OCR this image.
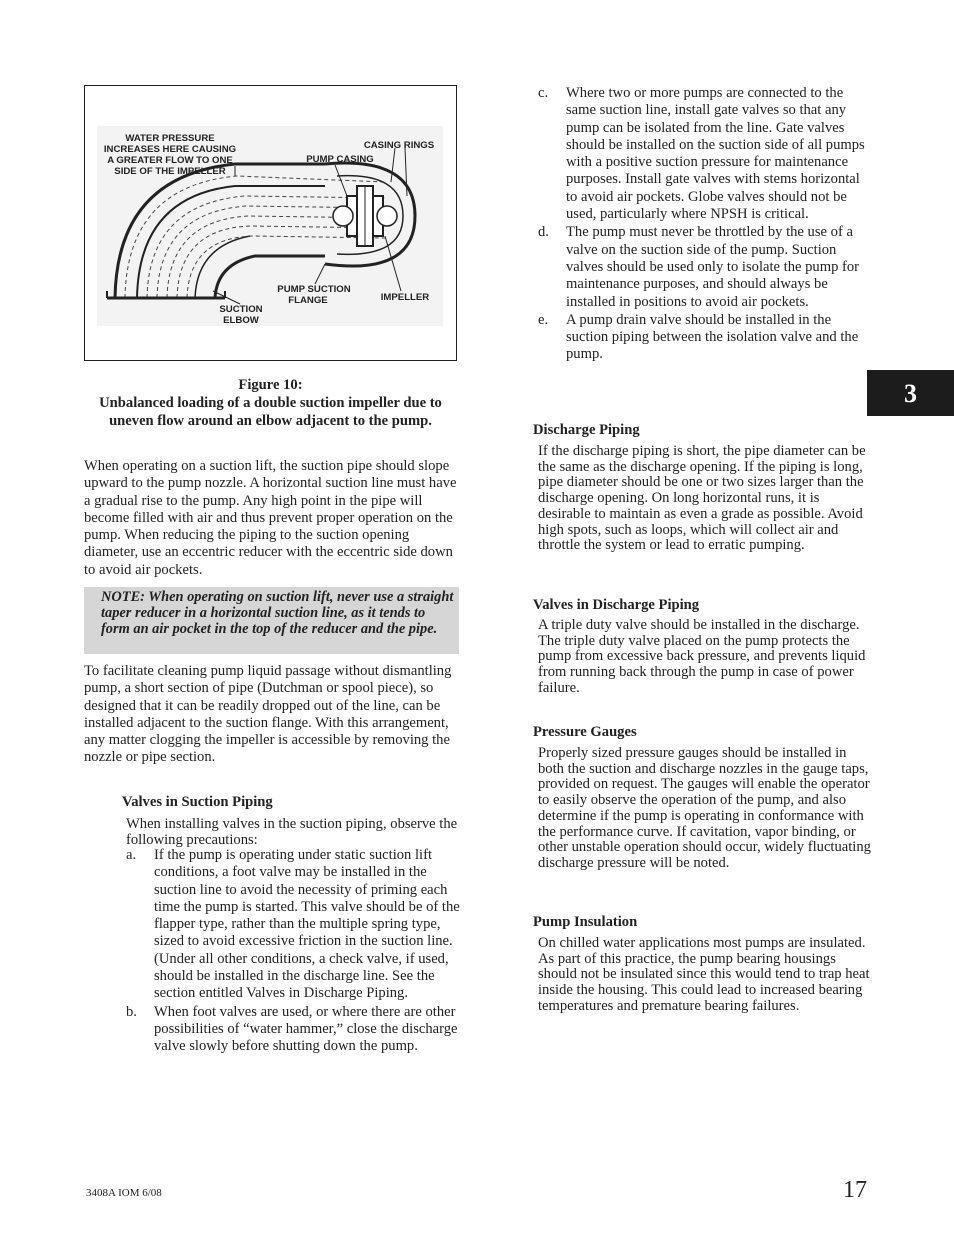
WATER PRESSURE
INCREASES HERE CAUSING
A GREATER FLOW TO ONE
SIDE OF THE IMPELLER
PUMP CASING
CASING RINGS
PUMP SUCTION
FLANGE
SUCTION
ELBOW
IMPELLER
Figure 10:
Unbalanced loading of a double suction impeller due to
uneven flow around an elbow adjacent to the pump.

When operating on a suction lift, the suction pipe should slope upward to the pump nozzle. A horizontal suction line must have a gradual rise to the pump. Any high point in the pipe will become filled with air and thus prevent proper operation on the pump. When reducing the piping to the suction opening diameter, use an eccentric reducer with the eccentric side down to avoid air pockets.

NOTE: When operating on suction lift, never use a straight taper reducer in a horizontal suction line, as it tends to form an air pocket in the top of the reducer and the pipe.

To facilitate cleaning pump liquid passage without dismantling pump, a short section of pipe (Dutchman or spool piece), so designed that it can be readily dropped out of the line, can be installed adjacent to the suction flange. With this arrangement, any matter clogging the impeller is accessible by removing the nozzle or pipe section.

Valves in Suction Piping

When installing valves in the suction piping, observe the following precautions:

a. If the pump is operating under static suction lift conditions, a foot valve may be installed in the suction line to avoid the necessity of priming each time the pump is started. This valve should be of the flapper type, rather than the multiple spring type, sized to avoid excessive friction in the suction line. (Under all other conditions, a check valve, if used, should be installed in the discharge line. See the section entitled Valves in Discharge Piping.
b. When foot valves are used, or where there are other possibilities of “water hammer,” close the discharge valve slowly before shutting down the pump.
c. Where two or more pumps are connected to the same suction line, install gate valves so that any pump can be isolated from the line. Gate valves should be installed on the suction side of all pumps with a positive suction pressure for maintenance purposes. Install gate valves with stems horizontal to avoid air pockets. Globe valves should not be used, particularly where NPSH is critical.
d. The pump must never be throttled by the use of a valve on the suction side of the pump. Suction valves should be used only to isolate the pump for maintenance purposes, and should always be installed in positions to avoid air pockets.
e. A pump drain valve should be installed in the suction piping between the isolation valve and the pump.
Discharge Piping

If the discharge piping is short, the pipe diameter can be the same as the discharge opening. If the piping is long, pipe diameter should be one or two sizes larger than the discharge opening. On long horizontal runs, it is desirable to maintain as even a grade as possible. Avoid high spots, such as loops, which will collect air and throttle the system or lead to erratic pumping.

Valves in Discharge Piping

A triple duty valve should be installed in the discharge. The triple duty valve placed on the pump protects the pump from excessive back pressure, and prevents liquid from running back through the pump in case of power failure.

Pressure Gauges

Properly sized pressure gauges should be installed in both the suction and discharge nozzles in the gauge taps, provided on request. The gauges will enable the operator to easily observe the operation of the pump, and also determine if the pump is operating in conformance with the performance curve. If cavitation, vapor binding, or other unstable operation should occur, widely fluctuating discharge pressure will be noted.

Pump Insulation

On chilled water applications most pumps are insulated. As part of this practice, the pump bearing housings should not be insulated since this would tend to trap heat inside the housing. This could lead to increased bearing temperatures and premature bearing failures.

3
3408A IOM 6/08	17
